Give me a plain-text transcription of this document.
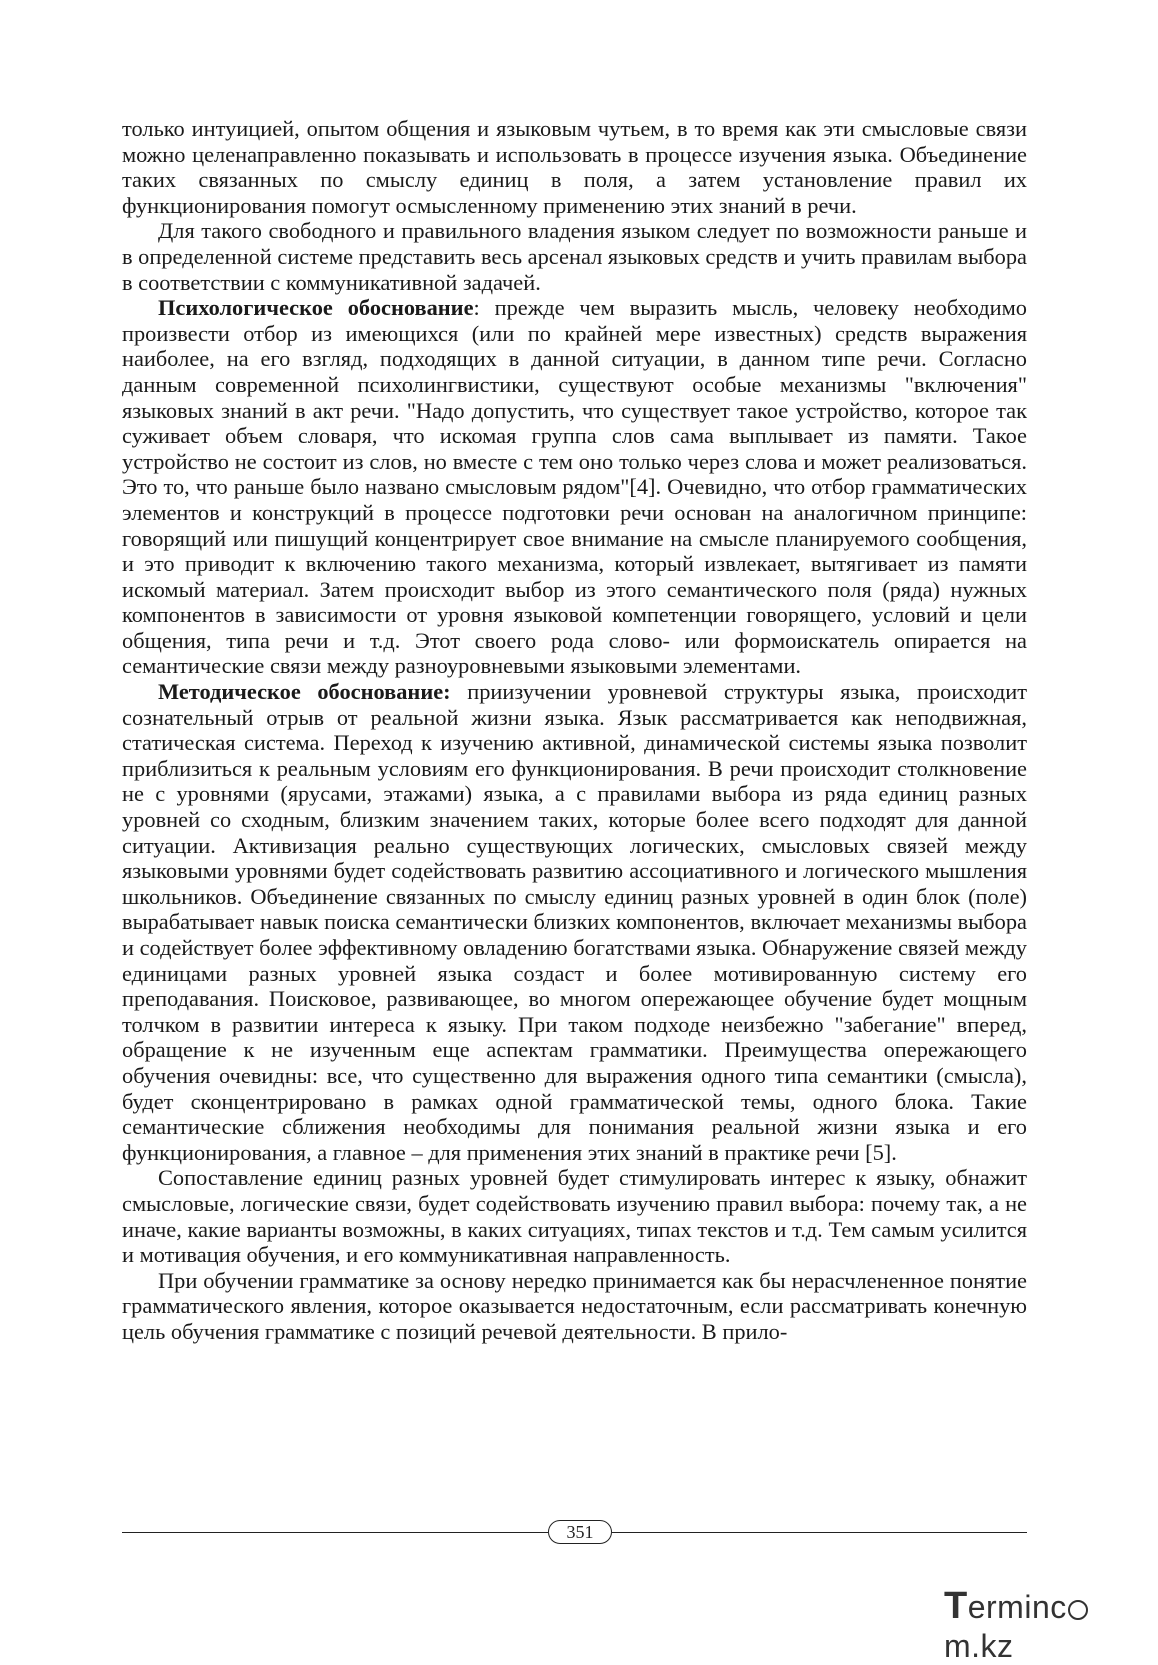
только интуицией, опытом общения и языковым чутьем, в то время как эти смысловые связи можно целенаправленно показывать и использовать в процессе изучения языка. Объединение таких связанных по смыслу единиц в поля, а затем установление правил их функционирования помогут осмысленному применению этих знаний в речи.

Для такого свободного и правильного владения языком следует по возможности раньше и в определенной системе представить весь арсенал языковых средств и учить правилам выбора в соответствии с коммуникативной задачей.

Психологическое обоснование: прежде чем выразить мысль, человеку необходимо произвести отбор из имеющихся (или по крайней мере известных) средств выражения наиболее, на его взгляд, подходящих в данной ситуации, в данном типе речи. Согласно данным современной психолингвистики, существуют особые механизмы "включения" языковых знаний в акт речи. "Надо допустить, что существует такое устройство, которое так суживает объем словаря, что искомая группа слов сама выплывает из памяти. Такое устройство не состоит из слов, но вместе с тем оно только через слова и может реализоваться. Это то, что раньше было названо смысловым рядом"[4]. Очевидно, что отбор грамматических элементов и конструкций в процессе подготовки речи основан на аналогичном принципе: говорящий или пишущий концентрирует свое внимание на смысле планируемого сообщения, и это приводит к включению такого механизма, который извлекает, вытягивает из памяти искомый материал. Затем происходит выбор из этого семантического поля (ряда) нужных компонентов в зависимости от уровня языковой компетенции говорящего, условий и цели общения, типа речи и т.д. Этот своего рода слово- или формоискатель опирается на семантические связи между разноуровневыми языковыми элементами.

Методическое обоснование: приизучении уровневой структуры языка, происходит сознательный отрыв от реальной жизни языка. Язык рассматривается как неподвижная, статическая система. Переход к изучению активной, динамической системы языка позволит приблизиться к реальным условиям его функционирования. В речи происходит столкновение не с уровнями (ярусами, этажами) языка, а с правилами выбора из ряда единиц разных уровней со сходным, близким значением таких, которые более всего подходят для данной ситуации. Активизация реально существующих логических, смысловых связей между языковыми уровнями будет содействовать развитию ассоциативного и логического мышления школьников. Объединение связанных по смыслу единиц разных уровней в один блок (поле) вырабатывает навык поиска семантически близких компонентов, включает механизмы выбора и содействует более эффективному овладению богатствами языка. Обнаружение связей между единицами разных уровней языка создаст и более мотивированную систему его преподавания. Поисковое, развивающее, во многом опережающее обучение будет мощным толчком в развитии интереса к языку. При таком подходе неизбежно "забегание" вперед, обращение к не изученным еще аспектам грамматики. Преимущества опережающего обучения очевидны: все, что существенно для выражения одного типа семантики (смысла), будет сконцентрировано в рамках одной грамматической темы, одного блока. Такие семантические сближения необходимы для понимания реальной жизни языка и его функционирования, а главное – для применения этих знаний в практике речи [5].

Сопоставление единиц разных уровней будет стимулировать интерес к языку, обнажит смысловые, логические связи, будет содействовать изучению правил выбора: почему так, а не иначе, какие варианты возможны, в каких ситуациях, типах текстов и т.д. Тем самым усилится и мотивация обучения, и его коммуникативная направленность.

При обучении грамматике за основу нередко принимается как бы нерасчлененное понятие грамматического явления, которое оказывается недостаточным, если рассматривать конечную цель обучения грамматике с позиций речевой деятельности. В прило-

351
Termincm.kz
